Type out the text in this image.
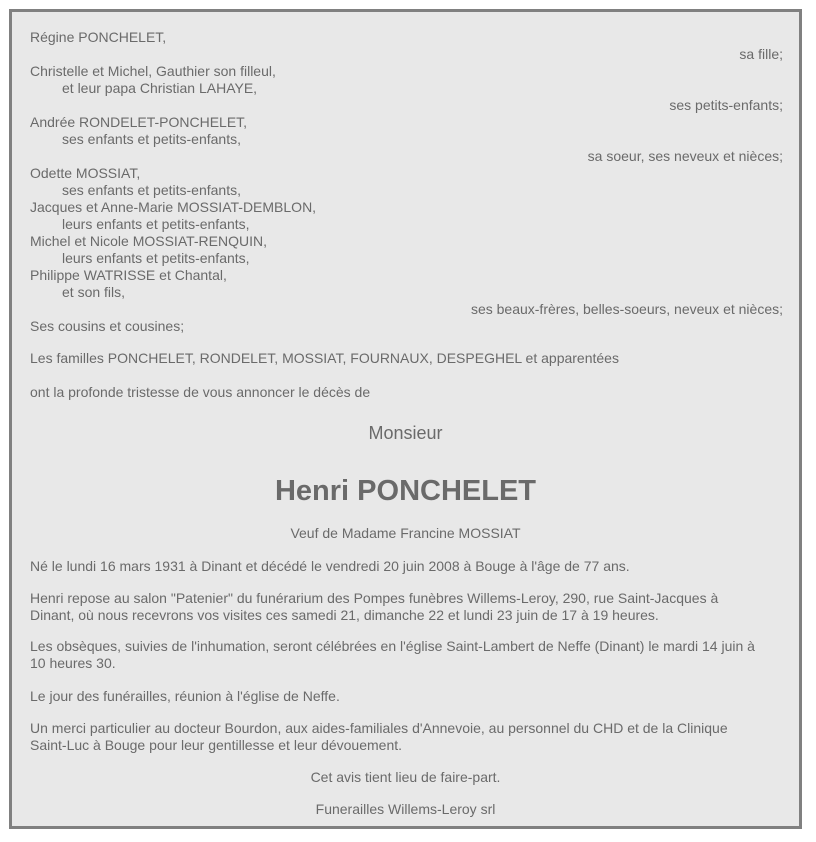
Régine PONCHELET,
sa fille;
Christelle et Michel, Gauthier son filleul,
et leur papa Christian LAHAYE,
ses petits-enfants;
Andrée RONDELET-PONCHELET,
ses enfants et petits-enfants,
sa soeur, ses neveux et nièces;
Odette MOSSIAT,
ses enfants et petits-enfants,
Jacques et Anne-Marie MOSSIAT-DEMBLON,
leurs enfants et petits-enfants,
Michel et Nicole MOSSIAT-RENQUIN,
leurs enfants et petits-enfants,
Philippe WATRISSE et Chantal,
et son fils,
ses beaux-frères, belles-soeurs, neveux et nièces;
Ses cousins et cousines;
Les familles PONCHELET, RONDELET, MOSSIAT, FOURNAUX, DESPEGHEL et apparentées
ont la profonde tristesse de vous annoncer le décès de
Monsieur
Henri PONCHELET
Veuf de Madame Francine MOSSIAT
Né le lundi 16 mars 1931 à Dinant et décédé le vendredi 20 juin 2008 à Bouge à l'âge de 77 ans.
Henri repose au salon "Patenier" du funérarium des Pompes funèbres Willems-Leroy, 290, rue Saint-Jacques à
Dinant, où nous recevrons vos visites ces samedi 21, dimanche 22 et lundi 23 juin de 17 à 19 heures.
Les obsèques, suivies de l'inhumation, seront célébrées en l'église Saint-Lambert de Neffe (Dinant) le mardi 14 juin à
10 heures 30.
Le jour des funérailles, réunion à l'église de Neffe.
Un merci particulier au docteur Bourdon, aux aides-familiales d'Annevoie, au personnel du CHD et de la Clinique
Saint-Luc à Bouge pour leur gentillesse et leur dévouement.
Cet avis tient lieu de faire-part.
Funerailles Willems-Leroy srl
